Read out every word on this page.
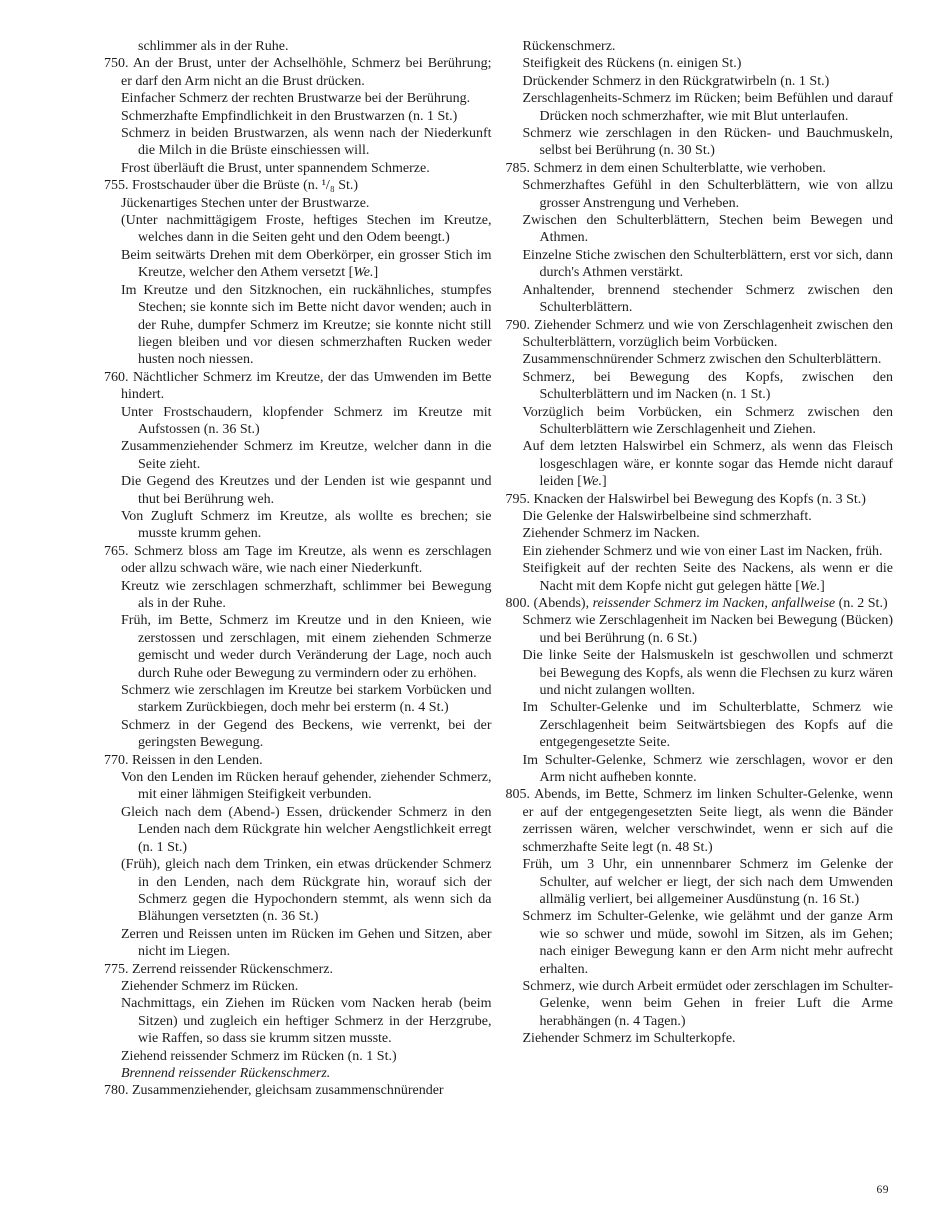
schlimmer als in der Ruhe.

750. An der Brust, unter der Achselhöhle, Schmerz bei Berührung; er darf den Arm nicht an die Brust drücken.

Einfacher Schmerz der rechten Brustwarze bei der Berührung.

Schmerzhafte Empfindlichkeit in den Brustwarzen (n. 1 St.)

Schmerz in beiden Brustwarzen, als wenn nach der Niederkunft die Milch in die Brüste einschiessen will.

Frost überläuft die Brust, unter spannendem Schmerze.

755. Frostschauder über die Brüste (n. ¹/₈ St.)

Jückenartiges Stechen unter der Brustwarze.

(Unter nachmittägigem Froste, heftiges Stechen im Kreutze, welches dann in die Seiten geht und den Odem beengt.)

Beim seitwärts Drehen mit dem Oberkörper, ein grosser Stich im Kreutze, welcher den Athem versetzt [We.]

Im Kreutze und den Sitzknochen, ein ruckähnliches, stumpfes Stechen; sie konnte sich im Bette nicht davor wenden; auch in der Ruhe, dumpfer Schmerz im Kreutze; sie konnte nicht still liegen bleiben und vor diesen schmerzhaften Rucken weder husten noch niessen.

760. Nächtlicher Schmerz im Kreutze, der das Umwenden im Bette hindert.

Unter Frostschaudern, klopfender Schmerz im Kreutze mit Aufstossen (n. 36 St.)

Zusammenziehender Schmerz im Kreutze, welcher dann in die Seite zieht.

Die Gegend des Kreutzes und der Lenden ist wie gespannt und thut bei Berührung weh.

Von Zugluft Schmerz im Kreutze, als wollte es brechen; sie musste krumm gehen.

765. Schmerz bloss am Tage im Kreutze, als wenn es zerschlagen oder allzu schwach wäre, wie nach einer Niederkunft.

Kreutz wie zerschlagen schmerzhaft, schlimmer bei Bewegung als in der Ruhe.

Früh, im Bette, Schmerz im Kreutze und in den Knieen, wie zerstossen und zerschlagen, mit einem ziehenden Schmerze gemischt und weder durch Veränderung der Lage, noch auch durch Ruhe oder Bewegung zu vermindern oder zu erhöhen.

Schmerz wie zerschlagen im Kreutze bei starkem Vorbücken und starkem Zurückbiegen, doch mehr bei ersterm (n. 4 St.)

Schmerz in der Gegend des Beckens, wie verrenkt, bei der geringsten Bewegung.

770. Reissen in den Lenden.

Von den Lenden im Rücken herauf gehender, ziehender Schmerz, mit einer lähmigen Steifigkeit verbunden.

Gleich nach dem (Abend-) Essen, drückender Schmerz in den Lenden nach dem Rückgrate hin welcher Aengstlichkeit erregt (n. 1 St.)

(Früh), gleich nach dem Trinken, ein etwas drückender Schmerz in den Lenden, nach dem Rückgrate hin, worauf sich der Schmerz gegen die Hypochondern stemmt, als wenn sich da Blähungen versetzten (n. 36 St.)

Zerren und Reissen unten im Rücken im Gehen und Sitzen, aber nicht im Liegen.

775. Zerrend reissender Rückenschmerz.

Ziehender Schmerz im Rücken.

Nachmittags, ein Ziehen im Rücken vom Nacken herab (beim Sitzen) und zugleich ein heftiger Schmerz in der Herzgrube, wie Raffen, so dass sie krumm sitzen musste.

Ziehend reissender Schmerz im Rücken (n. 1 St.)

Brennend reissender Rückenschmerz.

780. Zusammenziehender, gleichsam zusammenschnürender

Rückenschmerz.

Steifigkeit des Rückens (n. einigen St.)

Drückender Schmerz in den Rückgratwirbeln (n. 1 St.)

Zerschlagenheits-Schmerz im Rücken; beim Befühlen und darauf Drücken noch schmerzhafter, wie mit Blut unterlaufen.

Schmerz wie zerschlagen in den Rücken- und Bauchmuskeln, selbst bei Berührung (n. 30 St.)

785. Schmerz in dem einen Schulterblatte, wie verhoben.

Schmerzhaftes Gefühl in den Schulterblättern, wie von allzu grosser Anstrengung und Verheben.

Zwischen den Schulterblättern, Stechen beim Bewegen und Athmen.

Einzelne Stiche zwischen den Schulterblättern, erst vor sich, dann durch's Athmen verstärkt.

Anhaltender, brennend stechender Schmerz zwischen den Schulterblättern.

790. Ziehender Schmerz und wie von Zerschlagenheit zwischen den Schulterblättern, vorzüglich beim Vorbücken.

Zusammenschnürender Schmerz zwischen den Schulterblättern.

Schmerz, bei Bewegung des Kopfs, zwischen den Schulterblättern und im Nacken (n. 1 St.)

Vorzüglich beim Vorbücken, ein Schmerz zwischen den Schulterblättern wie Zerschlagenheit und Ziehen.

Auf dem letzten Halswirbel ein Schmerz, als wenn das Fleisch losgeschlagen wäre, er konnte sogar das Hemde nicht darauf leiden [We.]

795. Knacken der Halswirbel bei Bewegung des Kopfs (n. 3 St.)

Die Gelenke der Halswirbelbeine sind schmerzhaft.

Ziehender Schmerz im Nacken.

Ein ziehender Schmerz und wie von einer Last im Nacken, früh.

Steifigkeit auf der rechten Seite des Nackens, als wenn er die Nacht mit dem Kopfe nicht gut gelegen hätte [We.]

800. (Abends), reissender Schmerz im Nacken, anfallweise (n. 2 St.)

Schmerz wie Zerschlagenheit im Nacken bei Bewegung (Bücken) und bei Berührung (n. 6 St.)

Die linke Seite der Halsmuskeln ist geschwollen und schmerzt bei Bewegung des Kopfs, als wenn die Flechsen zu kurz wären und nicht zulangen wollten.

Im Schulter-Gelenke und im Schulterblatte, Schmerz wie Zerschlagenheit beim Seitwärtsbiegen des Kopfs auf die entgegengesetzte Seite.

Im Schulter-Gelenke, Schmerz wie zerschlagen, wovor er den Arm nicht aufheben konnte.

805. Abends, im Bette, Schmerz im linken Schulter-Gelenke, wenn er auf der entgegengesetzten Seite liegt, als wenn die Bänder zerrissen wären, welcher verschwindet, wenn er sich auf die schmerzhafte Seite legt (n. 48 St.)

Früh, um 3 Uhr, ein unnennbarer Schmerz im Gelenke der Schulter, auf welcher er liegt, der sich nach dem Umwenden allmälig verliert, bei allgemeiner Ausdünstung (n. 16 St.)

Schmerz im Schulter-Gelenke, wie gelähmt und der ganze Arm wie so schwer und müde, sowohl im Sitzen, als im Gehen; nach einiger Bewegung kann er den Arm nicht mehr aufrecht erhalten.

Schmerz, wie durch Arbeit ermüdet oder zerschlagen im Schulter-Gelenke, wenn beim Gehen in freier Luft die Arme herabhängen (n. 4 Tagen.)

Ziehender Schmerz im Schulterkopfe.

69
